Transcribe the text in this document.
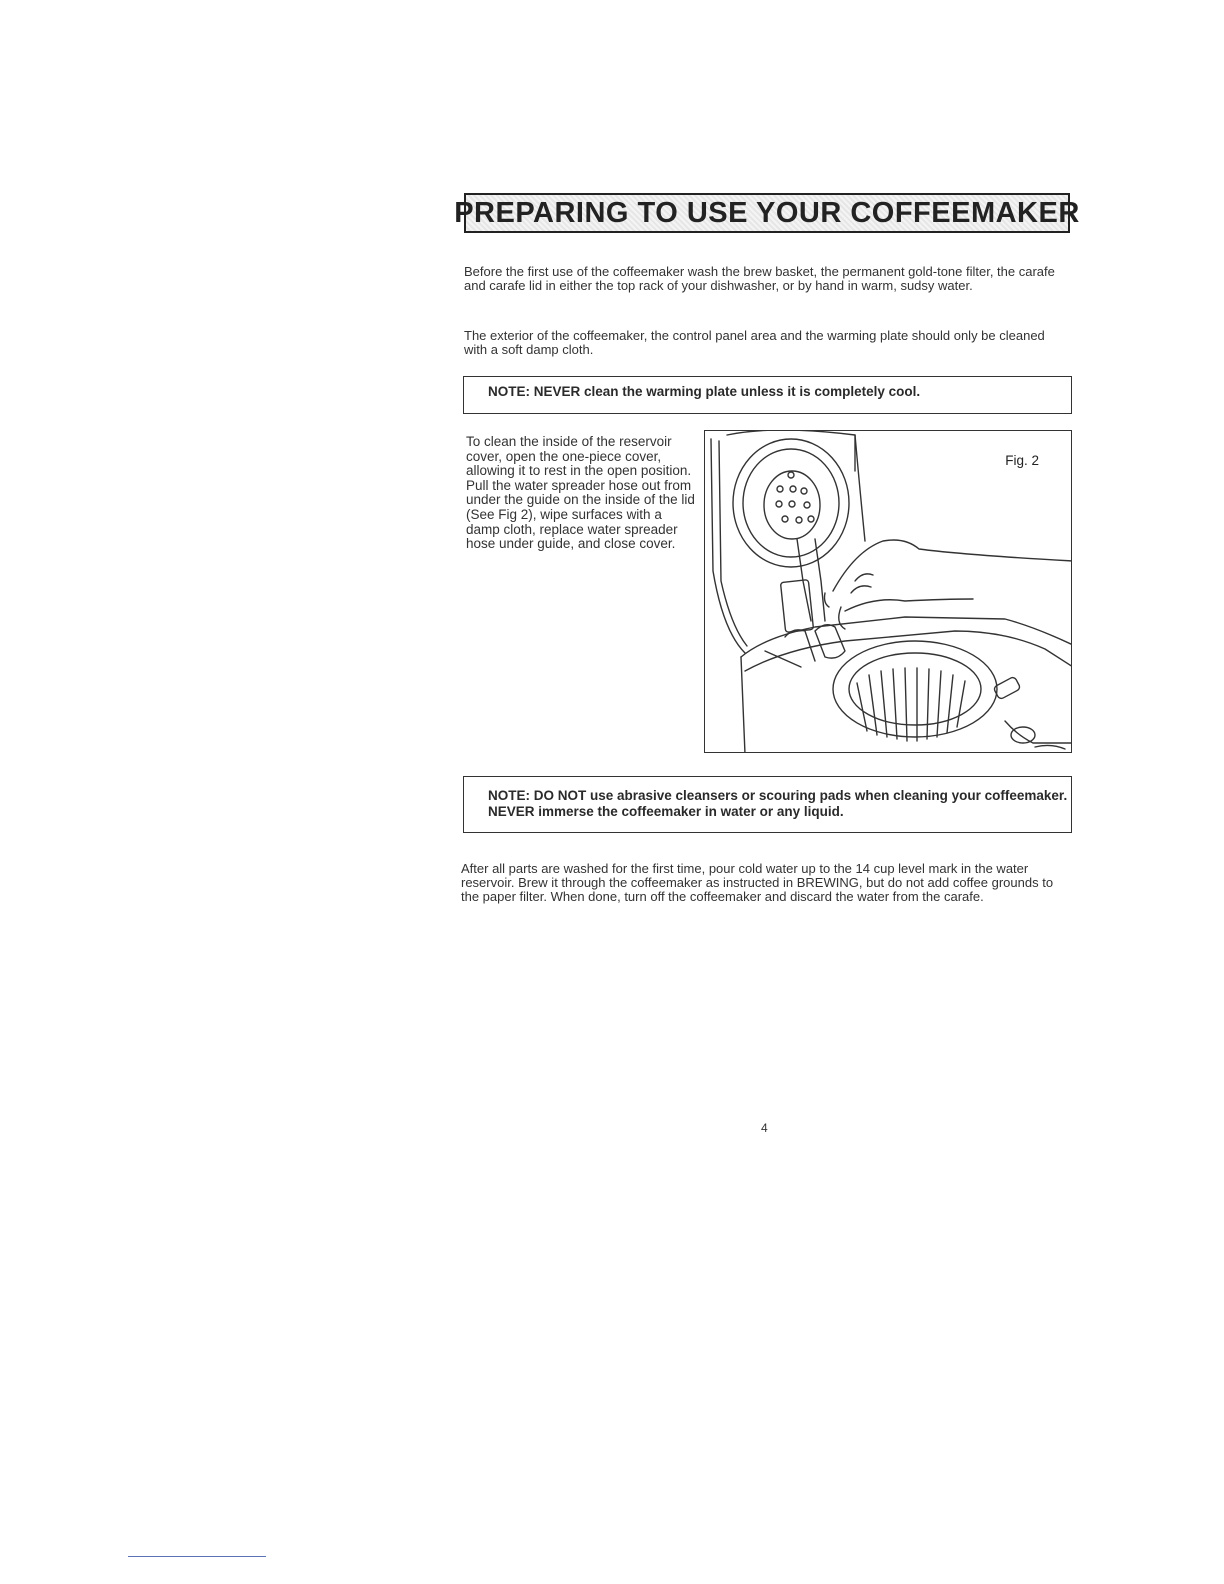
PREPARING TO USE YOUR COFFEEMAKER

Before the first use of the coffeemaker wash the brew basket, the permanent gold-tone filter, the carafe and carafe lid in either the top rack of your dishwasher, or by hand in warm, sudsy water.

The exterior of the coffeemaker, the control panel area and the warming plate should only be cleaned with a soft damp cloth.

NOTE: NEVER clean the warming plate unless it is completely cool.

To clean the inside of the reservoir cover, open the one-piece cover, allowing it to rest in the open position. Pull the water spreader hose out from under the guide on the inside of the lid (See Fig 2), wipe surfaces with a damp cloth, replace water spreader hose under guide, and close cover.

Fig. 2

NOTE: DO NOT use abrasive cleansers or scouring pads when cleaning your coffeemaker. NEVER immerse the coffeemaker in water or any liquid.

After all parts are washed for the first time, pour cold water up to the 14 cup level mark in the water reservoir. Brew it through the coffeemaker as instructed in BREWING, but do not add coffee grounds to the paper filter. When done, turn off the coffeemaker and discard the water from the carafe.

4
